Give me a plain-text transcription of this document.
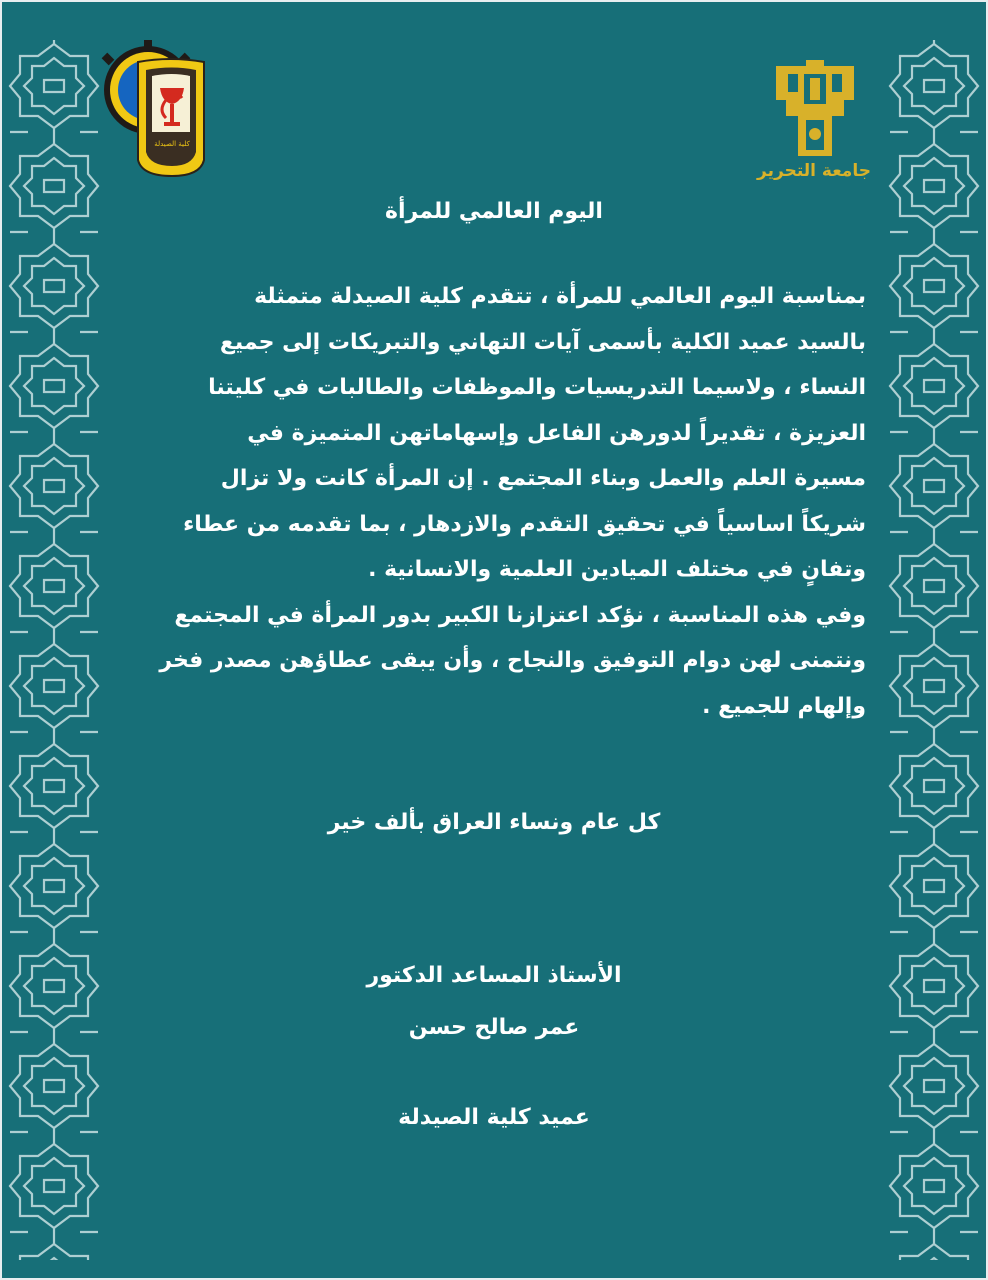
كلية الصيدلة
جامعة التحرير
اليوم العالمي للمرأة
بمناسبة اليوم العالمي للمرأة ، تتقدم كلية الصيدلة متمثلة
بالسيد عميد الكلية بأسمى آيات التهاني والتبريكات إلى جميع
النساء ، ولاسيما التدريسيات والموظفات والطالبات في كليتنا
العزيزة ، تقديراً لدورهن الفاعل وإسهاماتهن المتميزة في
مسيرة العلم والعمل وبناء المجتمع . إن المرأة كانت ولا تزال
شريكاً اساسياً في تحقيق التقدم والازدهار ، بما تقدمه من عطاء
وتفانٍ في مختلف الميادين العلمية والانسانية .
وفي هذه المناسبة ، نؤكد اعتزازنا الكبير بدور المرأة في المجتمع
ونتمنى لهن دوام التوفيق والنجاح ، وأن يبقى عطاؤهن مصدر فخر
وإلهام للجميع .
كل عام ونساء العراق بألف خير
الأستاذ المساعد الدكتور
عمر صالح حسن
عميد كلية الصيدلة
